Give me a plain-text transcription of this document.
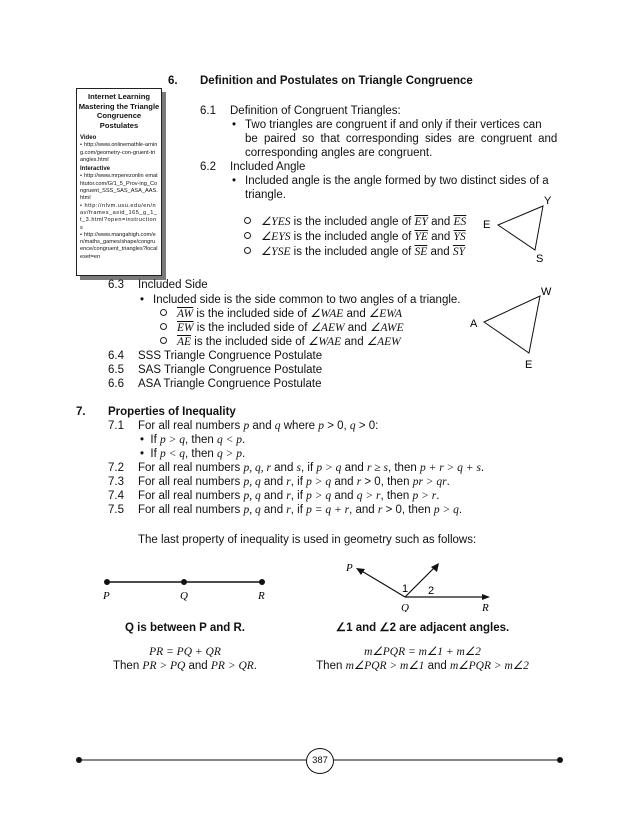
6. Definition and Postulates on Triangle Congruence
Internet Learning
Mastering the Triangle
Congruence Postulates
Video
• http://www.onlinemathle-arning.com/geometry-con-gruent-triangles.html
Interactive
• http://www.mrperezonlin emathtutor.com/G/1_5_Prov-ing_Congruent_SSS_SAS_ASA_AAS.html
• http://nlvm.usu.edu/en/nav/frames_asid_165_g_1_t_3.html?open=instructions
• http://www.mangahigh.com/en/maths_games/shape/congruence/congruent_triangles?localeset=en
6.1 Definition of Congruent Triangles:
• Two triangles are congruent if and only if their vertices can
be paired so that corresponding sides are congruent and
corresponding angles are congruent.
6.2 Included Angle
• Included angle is the angle formed by two distinct sides of a
triangle.
∠YES is the included angle of $\overline{EY}$ and $\overline{ES}$
∠EYS is the included angle of $\overline{YE}$ and $\overline{YS}$
∠YSE is the included angle of $\overline{SE}$ and $\overline{SY}$
Y
E
S
6.3 Included Side
• Included side is the side common to two angles of a triangle.
$\overline{AW}$ is the included side of ∠WAE and ∠EWA
$\overline{EW}$ is the included side of ∠AEW and ∠AWE
$\overline{AE}$ is the included side of ∠WAE and ∠AEW
W
A
E
6.4 SSS Triangle Congruence Postulate
6.5 SAS Triangle Congruence Postulate
6.6 ASA Triangle Congruence Postulate
7. Properties of Inequality
7.1 For all real numbers p and q where p > 0, q > 0:
•  If p > q, then q < p.
•  If p < q, then q > p.
7.2 For all real numbers p, q, r and s, if p > q and r ≥ s, then p + r > q + s.
7.3 For all real numbers p, q and r, if p > q and r > 0, then pr > qr.
7.4 For all real numbers p, q and r, if p > q and q > r, then p > r.
7.5 For all real numbers p, q and r, if p = q + r, and r > 0, then p > q.
The last property of inequality is used in geometry such as follows:
P	Q	R
P
Q	R
1 2
Q is between P and R.	∠1 and ∠2 are adjacent angles.
PR = PQ + QR
Then PR > PQ and PR > QR.
m∠PQR = m∠1 + m∠2
Then m∠PQR > m∠1 and m∠PQR > m∠2
387
